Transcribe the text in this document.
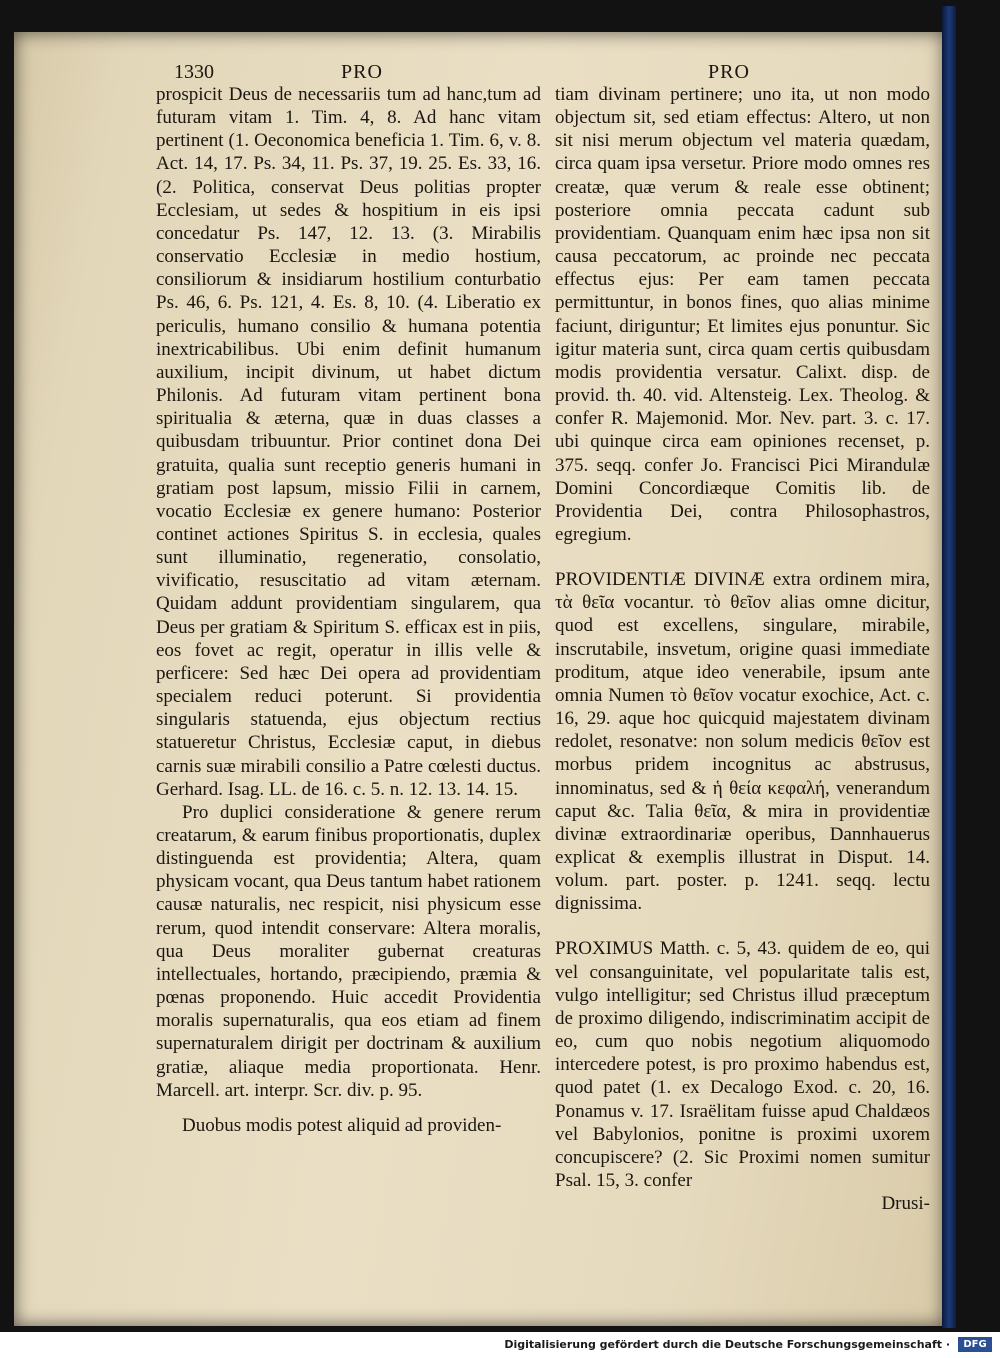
1330	PRO	PRO

prospicit Deus de necessariis tum ad hanc,tum ad futuram vitam 1. Tim. 4, 8. Ad hanc vitam pertinent (1. Oeconomica beneficia 1. Tim. 6, v. 8. Act. 14, 17. Ps. 34, 11. Ps. 37, 19. 25. Es. 33, 16. (2. Politica, conservat Deus politias propter Ecclesiam, ut sedes & hospitium in eis ipsi concedatur Ps. 147, 12. 13. (3. Mirabilis conservatio Ecclesiæ in medio hostium, consiliorum & insidiarum hostilium conturbatio Ps. 46, 6. Ps. 121, 4. Es. 8, 10. (4. Liberatio ex periculis, humano consilio & humana potentia inextricabilibus. Ubi enim definit humanum auxilium, incipit divinum, ut habet dictum Philonis. Ad futuram vitam pertinent bona spiritualia & æterna, quæ in duas classes a quibusdam tribuuntur. Prior continet dona Dei gratuita, qualia sunt receptio generis humani in gratiam post lapsum, missio Filii in carnem, vocatio Ecclesiæ ex genere humano: Posterior continet actiones Spiritus S. in ecclesia, quales sunt illuminatio, regeneratio, consolatio, vivificatio, resuscitatio ad vitam æternam. Quidam addunt providentiam singularem, qua Deus per gratiam & Spiritum S. efficax est in piis, eos fovet ac regit, operatur in illis velle & perficere: Sed hæc Dei opera ad providentiam specialem reduci poterunt. Si providentia singularis statuenda, ejus objectum rectius statueretur Christus, Ecclesiæ caput, in diebus carnis suæ mirabili consilio a Patre cœlesti ductus. Gerhard. Isag. LL. de 16. c. 5. n. 12. 13. 14. 15.

Pro duplici consideratione & genere rerum creatarum, & earum finibus proportionatis, duplex distinguenda est providentia; Altera, quam physicam vocant, qua Deus tantum habet rationem causæ naturalis, nec respicit, nisi physicum esse rerum, quod intendit conservare: Altera moralis, qua Deus moraliter gubernat creaturas intellectuales, hortando, præcipiendo, præmia & pœnas proponendo. Huic accedit Providentia moralis supernaturalis, qua eos etiam ad finem supernaturalem dirigit per doctrinam & auxilium gratiæ, aliaque media proportionata. Henr. Marcell. art. interpr. Scr. div. p. 95.

Duobus modis potest aliquid ad providen-

tiam divinam pertinere; uno ita, ut non modo objectum sit, sed etiam effectus: Altero, ut non sit nisi merum objectum vel materia quædam, circa quam ipsa versetur. Priore modo omnes res creatæ, quæ verum & reale esse obtinent; posteriore omnia peccata cadunt sub providentiam. Quanquam enim hæc ipsa non sit causa peccatorum, ac proinde nec peccata effectus ejus: Per eam tamen peccata permittuntur, in bonos fines, quo alias minime faciunt, diriguntur; Et limites ejus ponuntur. Sic igitur materia sunt, circa quam certis quibusdam modis providentia versatur. Calixt. disp. de provid. th. 40. vid. Altensteig. Lex. Theolog. & confer R. Majemonid. Mor. Nev. part. 3. c. 17. ubi quinque circa eam opiniones recenset, p. 375. seqq. confer Jo. Francisci Pici Mirandulæ Domini Concordiæque Comitis lib. de Providentia Dei, contra Philosophastros, egregium.

PROVIDENTIÆ DIVINÆ extra ordinem mira, τὰ θεῖα vocantur. τὸ θεῖον alias omne dicitur, quod est excellens, singulare, mirabile, inscrutabile, insvetum, origine quasi immediate proditum, atque ideo venerabile, ipsum ante omnia Numen τὸ θεῖον vocatur exochice, Act. c. 16, 29. aque hoc quicquid majestatem divinam redolet, resonatve: non solum medicis θεῖον est morbus pridem incognitus ac abstrusus, innominatus, sed & ἡ θεία κεφαλή, venerandum caput &c. Talia θεῖα, & mira in providentiæ divinæ extraordinariæ operibus, Dannhauerus explicat & exemplis illustrat in Disput. 14. volum. part. poster. p. 1241. seqq. lectu dignissima.

PROXIMUS Matth. c. 5, 43. quidem de eo, qui vel consanguinitate, vel popularitate talis est, vulgo intelligitur; sed Christus illud præceptum de proximo diligendo, indiscriminatim accipit de eo, cum quo nobis negotium aliquomodo intercedere potest, is pro proximo habendus est, quod patet (1. ex Decalogo Exod. c. 20, 16. Ponamus v. 17. Israëlitam fuisse apud Chaldæos vel Babylonios, ponitne is proximi uxorem concupiscere? (2. Sic Proximi nomen sumitur Psal. 15, 3. confer

Drusi-

Digitalisierung gefördert durch die Deutsche Forschungsgemeinschaft ·	DFG
